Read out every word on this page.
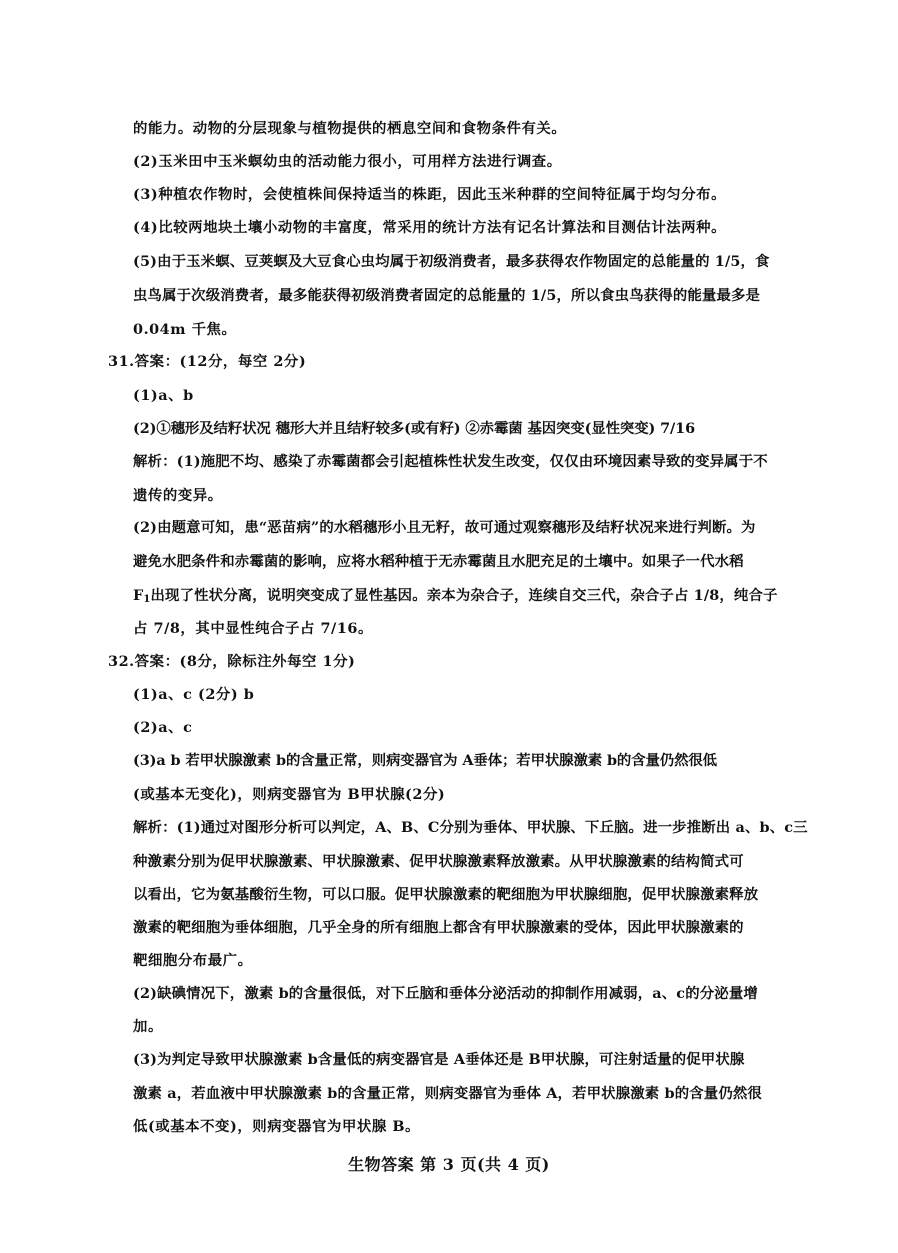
的能力。动物的分层现象与植物提供的栖息空间和食物条件有关。
(2)玉米田中玉米螟幼虫的活动能力很小，可用样方法进行调查。
(3)种植农作物时，会使植株间保持适当的株距，因此玉米种群的空间特征属于均匀分布。
(4)比较两地块土壤小动物的丰富度，常采用的统计方法有记名计算法和目测估计法两种。
(5)由于玉米螟、豆荚螟及大豆食心虫均属于初级消费者，最多获得农作物固定的总能量的 1/5，食
虫鸟属于次级消费者，最多能获得初级消费者固定的总能量的 1/5，所以食虫鸟获得的能量最多是
0.04m 千焦。
31.答案：(12分，每空 2分)
(1)a、b
(2)①穗形及结籽状况 穗形大并且结籽较多(或有籽) ②赤霉菌 基因突变(显性突变) 7/16
解析：(1)施肥不均、感染了赤霉菌都会引起植株性状发生改变，仅仅由环境因素导致的变异属于不
遗传的变异。
(2)由题意可知，患“恶苗病”的水稻穗形小且无籽，故可通过观察穗形及结籽状况来进行判断。为
避免水肥条件和赤霉菌的影响，应将水稻种植于无赤霉菌且水肥充足的土壤中。如果子一代水稻
$F_1$出现了性状分离，说明突变成了显性基因。亲本为杂合子，连续自交三代，杂合子占 1/8，纯合子
占 7/8，其中显性纯合子占 7/16。
32.答案：(8分，除标注外每空 1分)
(1)a、c (2分) b
(2)a、c
(3)a b 若甲状腺激素 b的含量正常，则病变器官为 A垂体；若甲状腺激素 b的含量仍然很低
(或基本无变化)，则病变器官为 B甲状腺(2分)
解析：(1)通过对图形分析可以判定，A、B、C分别为垂体、甲状腺、下丘脑。进一步推断出 a、b、c三
种激素分别为促甲状腺激素、甲状腺激素、促甲状腺激素释放激素。从甲状腺激素的结构简式可
以看出，它为氨基酸衍生物，可以口服。促甲状腺激素的靶细胞为甲状腺细胞，促甲状腺激素释放
激素的靶细胞为垂体细胞，几乎全身的所有细胞上都含有甲状腺激素的受体，因此甲状腺激素的
靶细胞分布最广。
(2)缺碘情况下，激素 b的含量很低，对下丘脑和垂体分泌活动的抑制作用减弱，a、c的分泌量增
加。
(3)为判定导致甲状腺激素 b含量低的病变器官是 A垂体还是 B甲状腺，可注射适量的促甲状腺
激素 a，若血液中甲状腺激素 b的含量正常，则病变器官为垂体 A，若甲状腺激素 b的含量仍然很
低(或基本不变)，则病变器官为甲状腺 B。
生物答案 第 3 页(共 4 页)
